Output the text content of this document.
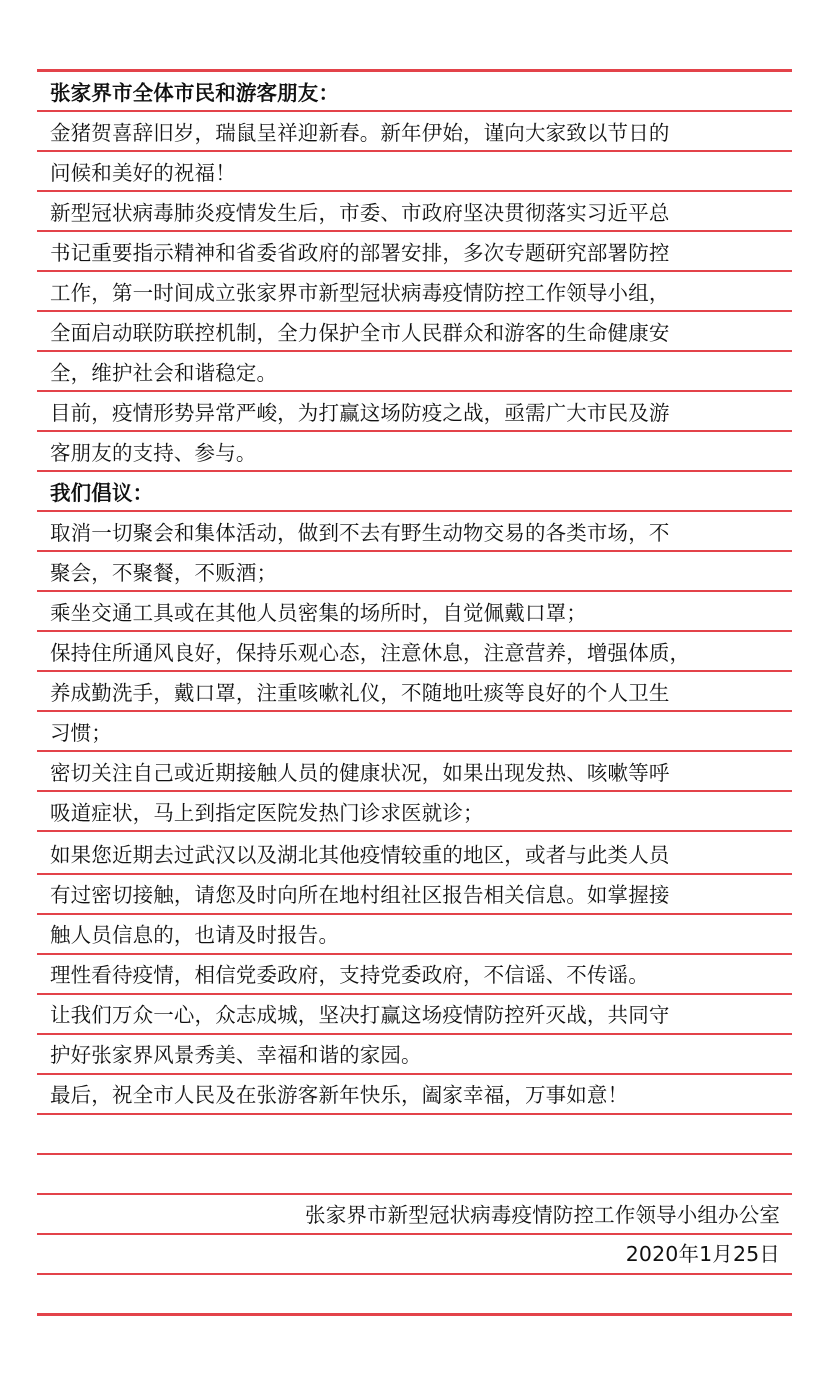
张家界市全体市民和游客朋友：
金猪贺喜辞旧岁，瑞鼠呈祥迎新春。新年伊始，谨向大家致以节日的
问候和美好的祝福！
新型冠状病毒肺炎疫情发生后，市委、市政府坚决贯彻落实习近平总
书记重要指示精神和省委省政府的部署安排，多次专题研究部署防控
工作，第一时间成立张家界市新型冠状病毒疫情防控工作领导小组，
全面启动联防联控机制，全力保护全市人民群众和游客的生命健康安
全，维护社会和谐稳定。
目前，疫情形势异常严峻，为打赢这场防疫之战，亟需广大市民及游
客朋友的支持、参与。
我们倡议：
取消一切聚会和集体活动，做到不去有野生动物交易的各类市场，不
聚会，不聚餐，不贩酒；
乘坐交通工具或在其他人员密集的场所时，自觉佩戴口罩；
保持住所通风良好，保持乐观心态，注意休息，注意营养，增强体质，
养成勤洗手，戴口罩，注重咳嗽礼仪，不随地吐痰等良好的个人卫生
习惯；
密切关注自己或近期接触人员的健康状况，如果出现发热、咳嗽等呼
吸道症状，马上到指定医院发热门诊求医就诊；
如果您近期去过武汉以及湖北其他疫情较重的地区，或者与此类人员
有过密切接触，请您及时向所在地村组社区报告相关信息。如掌握接
触人员信息的，也请及时报告。
理性看待疫情，相信党委政府，支持党委政府，不信谣、不传谣。
让我们万众一心，众志成城，坚决打赢这场疫情防控歼灭战，共同守
护好张家界风景秀美、幸福和谐的家园。
最后，祝全市人民及在张游客新年快乐，阖家幸福，万事如意！
张家界市新型冠状病毒疫情防控工作领导小组办公室
2020年1月25日
